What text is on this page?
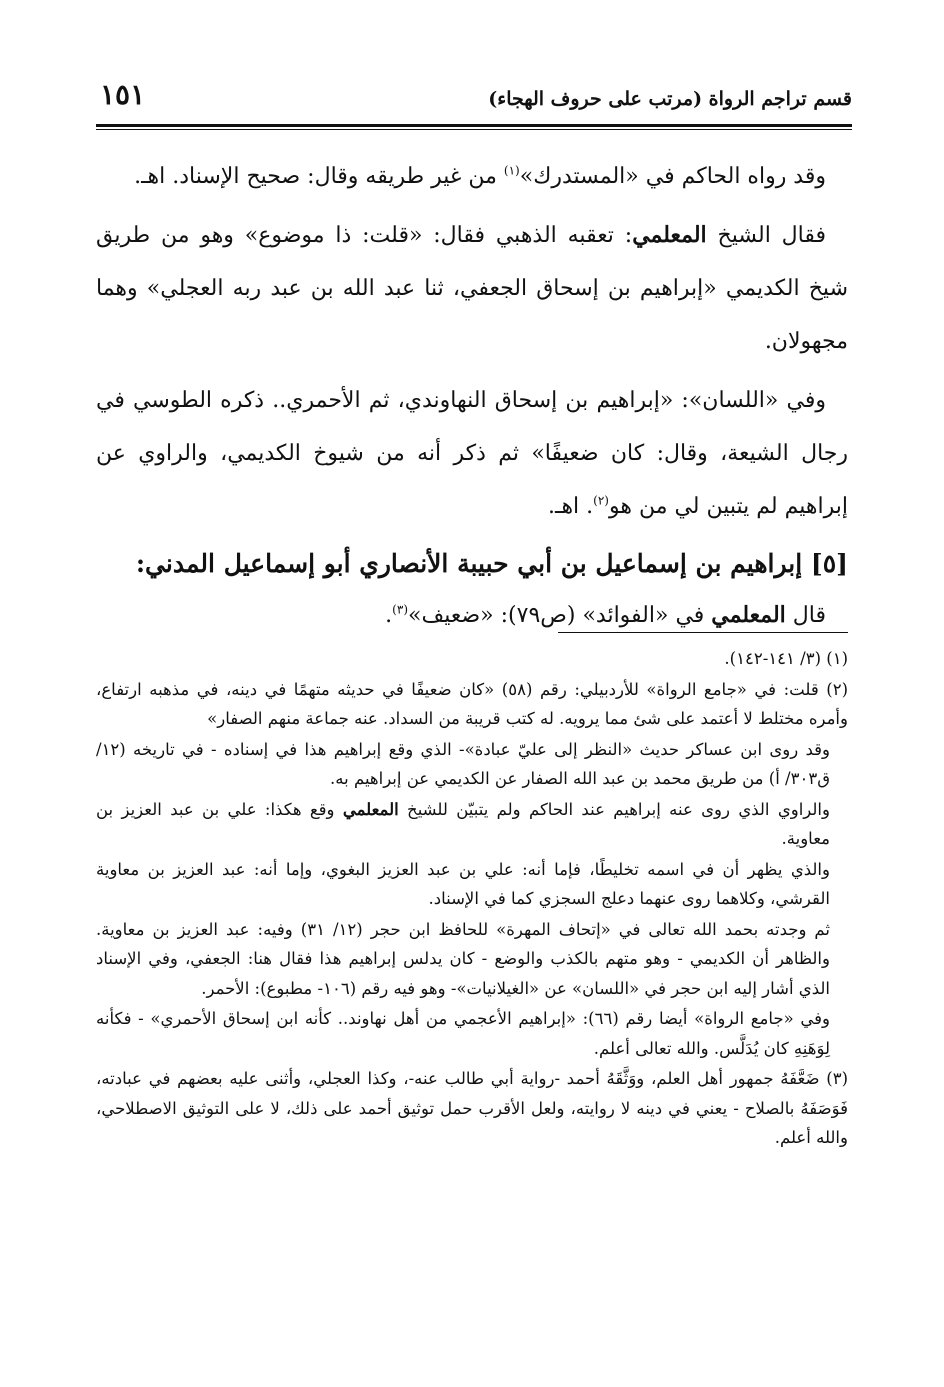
قسم تراجم الرواة (مرتب على حروف الهجاء)
١٥١

وقد رواه الحاكم في «المستدرك»$^{(١)}$ من غير طريقه وقال: صحيح الإسناد. اهـ.

فقال الشيخ المعلمي: تعقبه الذهبي فقال: «قلت: ذا موضوع» وهو من طريق شيخ الكديمي «إبراهيم بن إسحاق الجعفي، ثنا عبد الله بن عبد ربه العجلي» وهما مجهولان.

وفي «اللسان»: «إبراهيم بن إسحاق النهاوندي، ثم الأحمري.. ذكره الطوسي في رجال الشيعة، وقال: كان ضعيفًا» ثم ذكر أنه من شيوخ الكديمي، والراوي عن إبراهيم لم يتبين لي من هو$^{(٢)}$. اهـ.

[٥] إبراهيم بن إسماعيل بن أبي حبيبة الأنصاري أبو إسماعيل المدني:

قال المعلمي في «الفوائد» (ص٧٩): «ضعيف»$^{(٣)}$.

(١) (٣/ ١٤١-١٤٢).

(٢) قلت: في «جامع الرواة» للأردبيلي: رقم (٥٨) «كان ضعيفًا في حديثه متهمًا في دينه، في مذهبه ارتفاع، وأمره مختلط لا أعتمد على شئ مما يرويه. له كتب قريبة من السداد. عنه جماعة منهم الصفار»

وقد روى ابن عساكر حديث «النظر إلى عليّ عبادة»- الذي وقع إبراهيم هذا في إسناده - في تاريخه (١٢/ ق٣٠٣/ أ) من طريق محمد بن عبد الله الصفار عن الكديمي عن إبراهيم به.

والراوي الذي روى عنه إبراهيم عند الحاكم ولم يتبيّن للشيخ المعلمي وقع هكذا: علي بن عبد العزيز بن معاوية.

والذي يظهر أن في اسمه تخليطًا، فإما أنه: علي بن عبد العزيز البغوي، وإما أنه: عبد العزيز بن معاوية القرشي، وكلاهما روى عنهما دعلج السجزي كما في الإسناد.

ثم وجدته بحمد الله تعالى في «إتحاف المهرة» للحافظ ابن حجر (١٢/ ٣١) وفيه: عبد العزيز بن معاوية. والظاهر أن الكديمي - وهو متهم بالكذب والوضع - كان يدلس إبراهيم هذا فقال هنا: الجعفي، وفي الإسناد الذي أشار إليه ابن حجر في «اللسان» عن «الغيلانيات»- وهو فيه رقم (١٠٦- مطبوع): الأحمر.

وفي «جامع الرواة» أيضا رقم (٦٦): «إبراهيم الأعجمي من أهل نهاوند.. كأنه ابن إسحاق الأحمري» - فكأنه لِوَهَنِهِ كان يُدَلَّس. والله تعالى أعلم.

(٣) ضَعَّفَهُ جمهور أهل العلم، ووَثَّقَهُ أحمد -رواية أبي طالب عنه-، وكذا العجلي، وأثنى عليه بعضهم في عبادته، فَوَصَفَهُ بالصلاح - يعني في دينه لا روايته، ولعل الأقرب حمل توثيق أحمد على ذلك، لا على التوثيق الاصطلاحي، والله أعلم.
